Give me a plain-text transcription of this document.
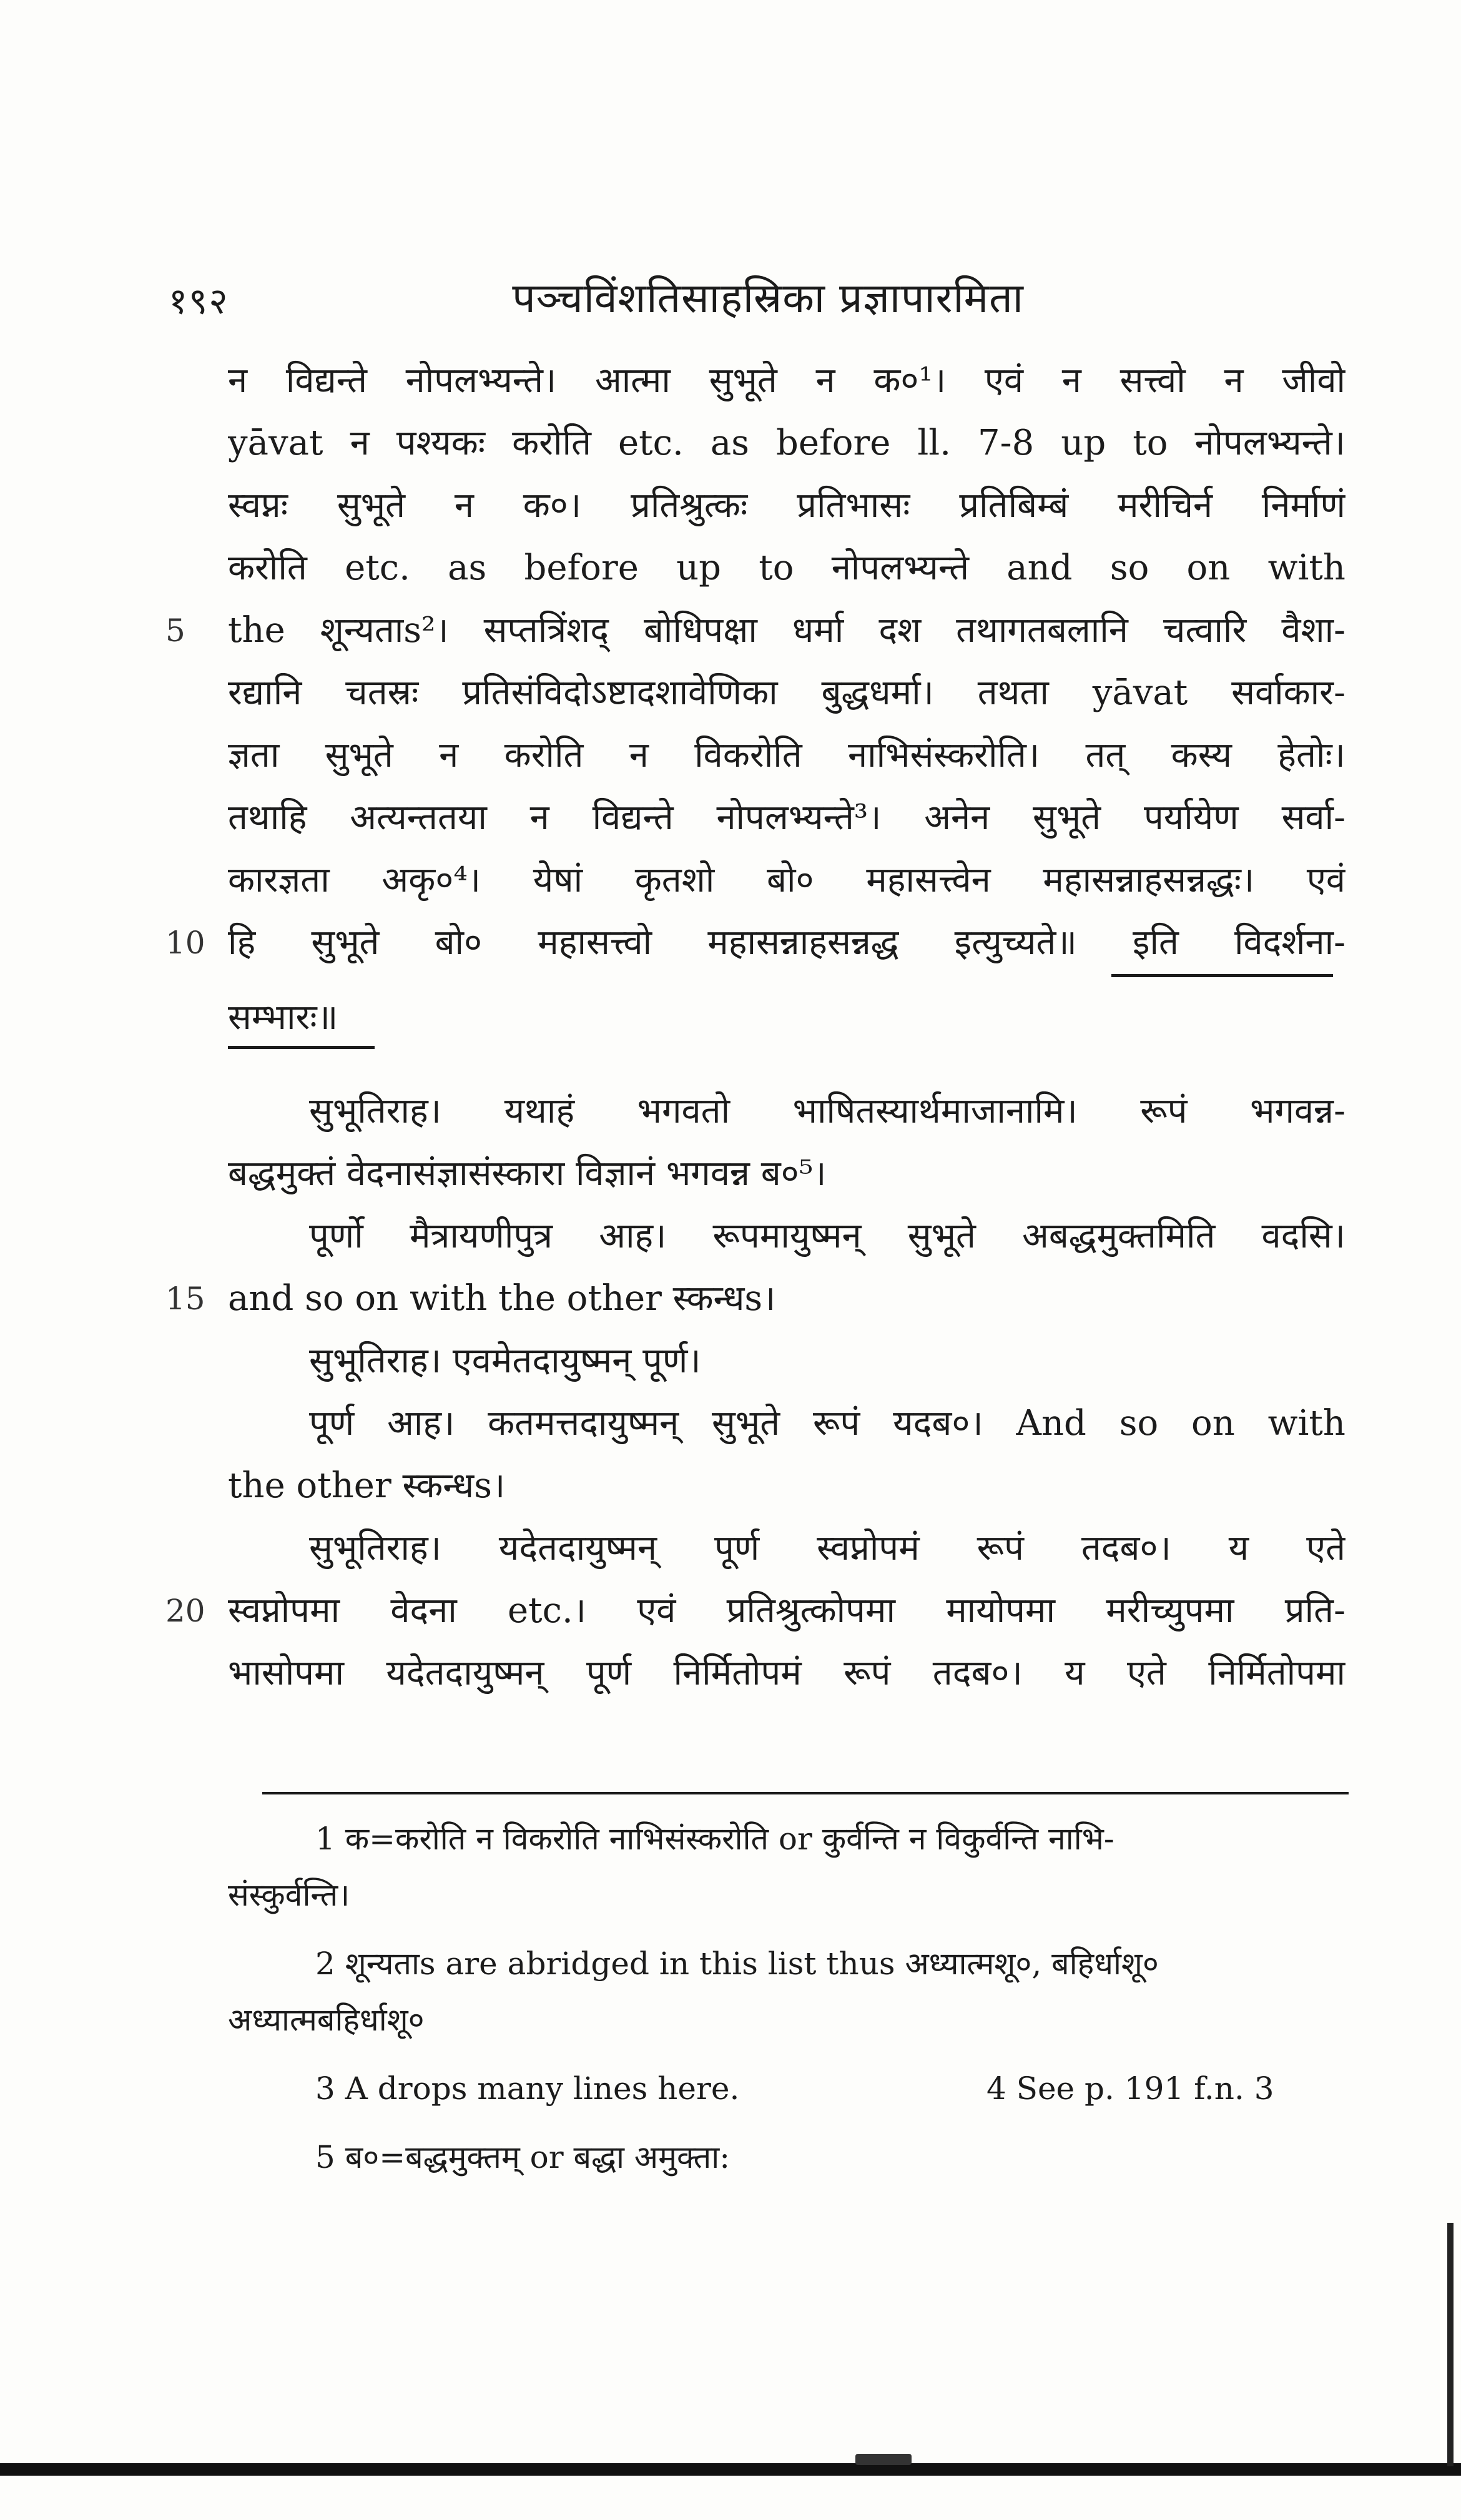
१९२	पञ्चविंशतिसाहस्रिका प्रज्ञापारमिता
न विद्यन्ते नोपलभ्यन्ते। आत्मा सुभूते न क०¹। एवं न सत्त्वो न जीवो
yāvat न पश्यकः करोति etc. as before ll. 7-8 up to नोपलभ्यन्ते।
स्वप्नः सुभूते न क०। प्रतिश्रुत्कः प्रतिभासः प्रतिबिम्बं मरीचिर्न निर्माणं
करोति etc. as before up to नोपलभ्यन्ते and so on with
5	the शून्यताs²। सप्तत्रिंशद् बोधिपक्षा धर्मा दश तथागतबलानि चत्वारि वैशा-
रद्यानि चतस्रः प्रतिसंविदोऽष्टादशावेणिका बुद्धधर्मा। तथता yāvat सर्वाकार-
ज्ञता सुभूते न करोति न विकरोति नाभिसंस्करोति। तत् कस्य हेतोः।
तथाहि अत्यन्ततया न विद्यन्ते नोपलभ्यन्ते³। अनेन सुभूते पर्यायेण सर्वा-
कारज्ञता अकृ०⁴। येषां कृतशो बो० महासत्त्वेन महासन्नाहसन्नद्धः। एवं
10 हि सुभूते बो० महासत्त्वो महासन्नाहसन्नद्ध इत्युच्यते॥ इति विदर्शना-
सम्भारः॥
सुभूतिराह। यथाहं भगवतो भाषितस्यार्थमाजानामि। रूपं भगवन्न-
बद्धमुक्तं वेदनासंज्ञासंस्कारा विज्ञानं भगवन्न ब०⁵।
पूर्णो मैत्रायणीपुत्र आह। रूपमायुष्मन् सुभूते अबद्धमुक्तमिति वदसि।
15 and so on with the other स्कन्धs।
सुभूतिराह। एवमेतदायुष्मन् पूर्ण।
पूर्ण आह। कतमत्तदायुष्मन् सुभूते रूपं यदब०। And so on with
the other स्कन्धs।
सुभूतिराह। यदेतदायुष्मन् पूर्ण स्वप्नोपमं रूपं तदब०। य एते
20 स्वप्नोपमा वेदना etc.। एवं प्रतिश्रुत्कोपमा मायोपमा मरीच्युपमा प्रति-
भासोपमा यदेतदायुष्मन् पूर्ण निर्मितोपमं रूपं तदब०। य एते निर्मितोपमा
1 क=करोति न विकरोति नाभिसंस्करोति or कुर्वन्ति न विकुर्वन्ति नाभि-
संस्कुर्वन्ति।
2 शून्यताs are abridged in this list thus अध्यात्मशू०, बहिर्धाशू०
अध्यात्मबहिर्धाशू०
3 A drops many lines here.	4 See p. 191 f.n. 3
5 ब०=बद्धमुक्तम् or बद्धा अमुक्ता:
